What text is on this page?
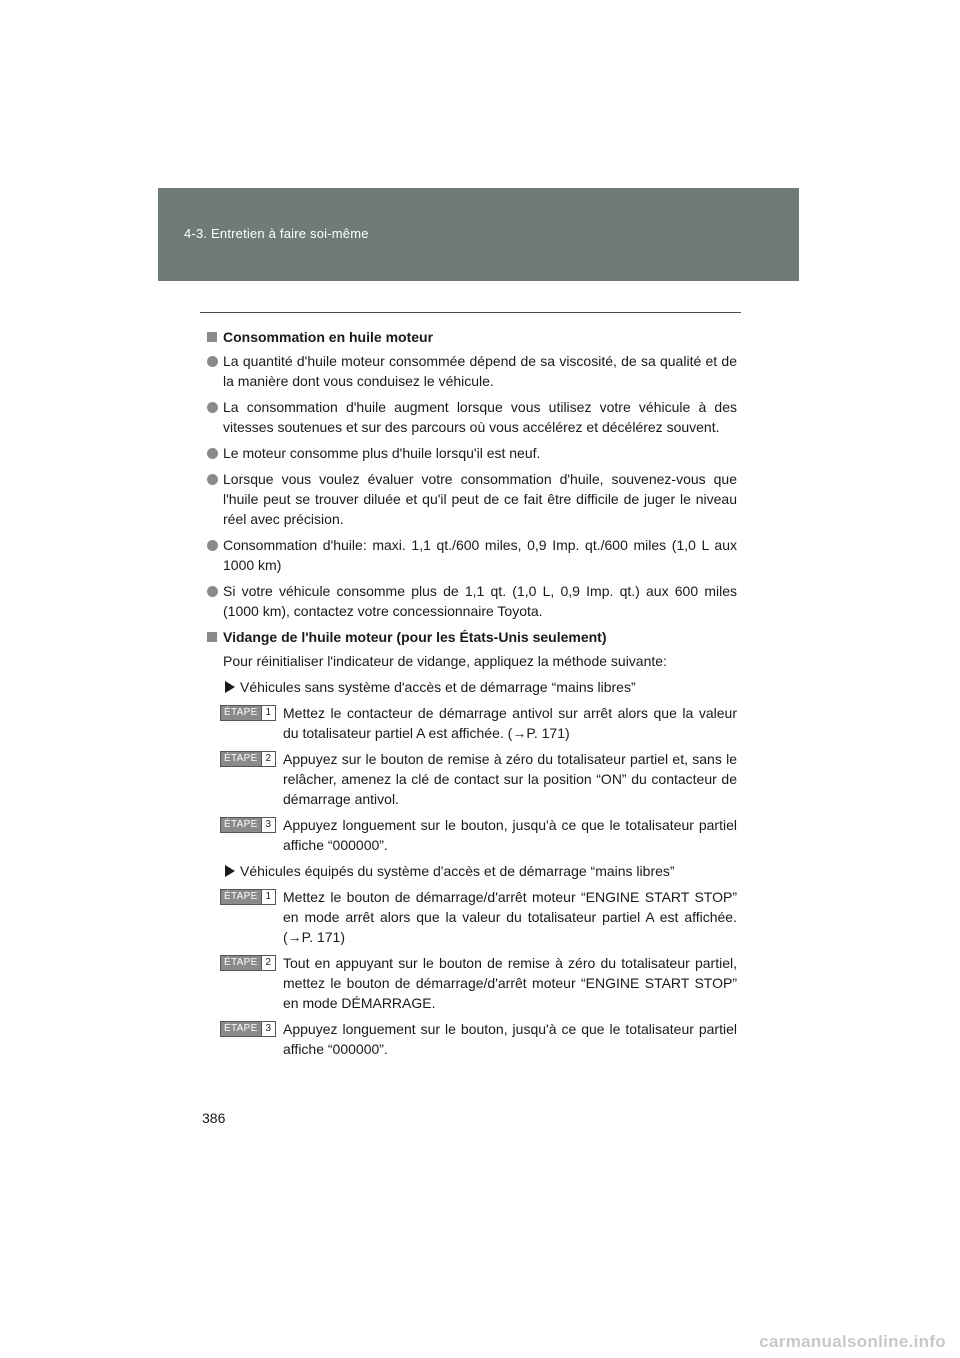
4-3. Entretien à faire soi-même
Consommation en huile moteur
La quantité d'huile moteur consommée dépend de sa viscosité, de sa qualité et de la manière dont vous conduisez le véhicule.
La consommation d'huile augment lorsque vous utilisez votre véhicule à des vitesses soutenues et sur des parcours où vous accélérez et décélérez souvent.
Le moteur consomme plus d'huile lorsqu'il est neuf.
Lorsque vous voulez évaluer votre consommation d'huile, souvenez-vous que l'huile peut se trouver diluée et qu'il peut de ce fait être difficile de juger le niveau réel avec précision.
Consommation d'huile: maxi. 1,1 qt./600 miles, 0,9 Imp. qt./600 miles (1,0 L aux 1000 km)
Si votre véhicule consomme plus de 1,1 qt. (1,0 L, 0,9 Imp. qt.) aux 600 miles (1000 km), contactez votre concessionnaire Toyota.
Vidange de l'huile moteur (pour les États-Unis seulement)
Pour réinitialiser l'indicateur de vidange, appliquez la méthode suivante:
Véhicules sans système d'accès et de démarrage “mains libres”
ÉTAPE 1 Mettez le contacteur de démarrage antivol sur arrêt alors que la valeur du totalisateur partiel A est affichée. (→P. 171)
ÉTAPE 2 Appuyez sur le bouton de remise à zéro du totalisateur partiel et, sans le relâcher, amenez la clé de contact sur la position “ON” du contacteur de démarrage antivol.
ÉTAPE 3 Appuyez longuement sur le bouton, jusqu'à ce que le totalisateur partiel affiche “000000”.
Véhicules équipés du système d'accès et de démarrage “mains libres”
ÉTAPE 1 Mettez le bouton de démarrage/d'arrêt moteur “ENGINE START STOP” en mode arrêt alors que la valeur du totalisateur partiel A est affichée. (→P. 171)
ÉTAPE 2 Tout en appuyant sur le bouton de remise à zéro du totalisateur partiel, mettez le bouton de démarrage/d'arrêt moteur “ENGINE START STOP” en mode DÉMARRAGE.
ÉTAPE 3 Appuyez longuement sur le bouton, jusqu'à ce que le totalisateur partiel affiche “000000”.
386
carmanualsonline.info
